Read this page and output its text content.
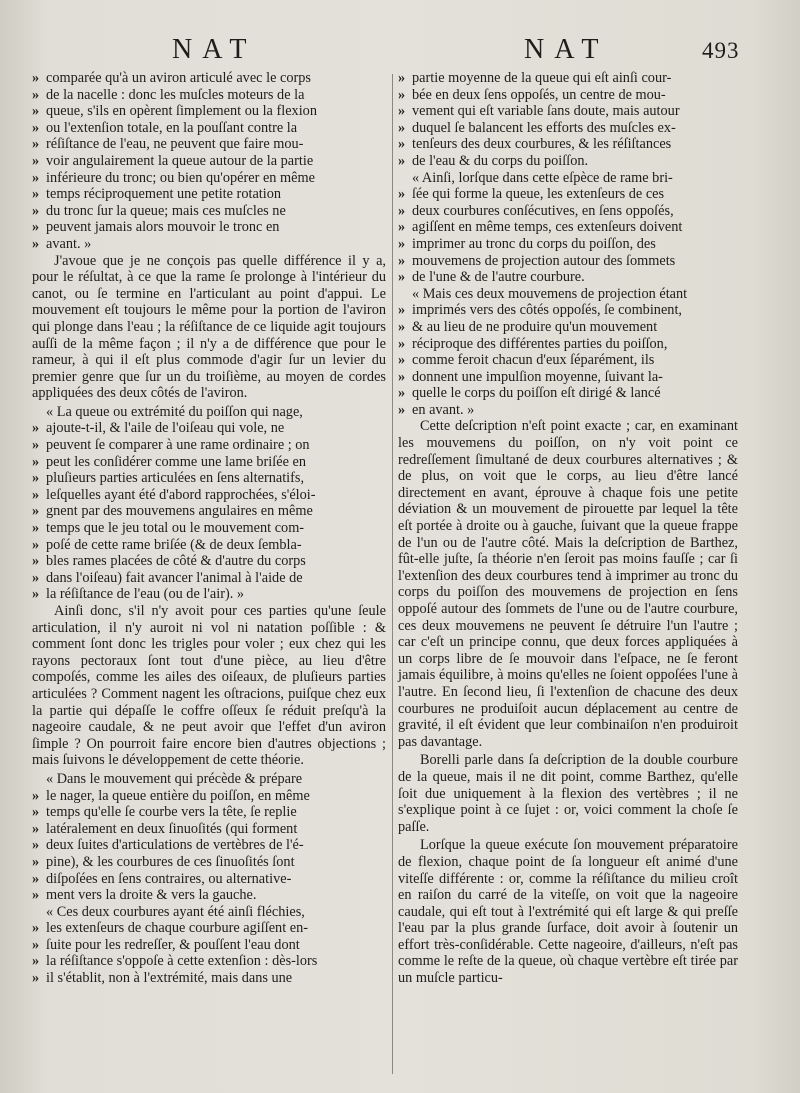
NAT	NAT	493
» comparée qu'à un aviron articulé avec le corps
» de la nacelle : donc les muſcles moteurs de la
» queue, s'ils en opèrent ſimplement ou la flexion
» ou l'extenſion totale, en la pouſſant contre la
» réſiſtance de l'eau, ne peuvent que faire mou-
» voir angulairement la queue autour de la partie
» inférieure du tronc; ou bien qu'opérer en même
» temps réciproquement une petite rotation
» du tronc ſur la queue; mais ces muſcles ne
» peuvent jamais alors mouvoir le tronc en
» avant. »

J'avoue que je ne conçois pas quelle différence il y a, pour le réſultat, à ce que la rame ſe prolonge à l'intérieur du canot, ou ſe termine en l'articulant au point d'appui. Le mouvement eſt toujours le même pour la portion de l'aviron qui plonge dans l'eau ; la réſiſtance de ce liquide agit toujours auſſi de la même façon ; il n'y a de différence que pour le rameur, à qui il eſt plus commode d'agir ſur un levier du premier genre que ſur un du troiſième, au moyen de cordes appliquées des deux côtés de l'aviron.

« La queue ou extrémité du poiſſon qui nage,
» ajoute-t-il, & l'aile de l'oiſeau qui vole, ne
» peuvent ſe comparer à une rame ordinaire ; on
» peut les conſidérer comme une lame briſée en
» pluſieurs parties articulées en ſens alternatifs,
» leſquelles ayant été d'abord rapprochées, s'éloi-
» gnent par des mouvemens angulaires en même
» temps que le jeu total ou le mouvement com-
» poſé de cette rame briſée (& de deux ſembla-
» bles rames placées de côté & d'autre du corps
» dans l'oiſeau) fait avancer l'animal à l'aide de
» la réſiſtance de l'eau (ou de l'air). »

Ainſi donc, s'il n'y avoit pour ces parties qu'une ſeule articulation, il n'y auroit ni vol ni natation poſſible : & comment ſont donc les trigles pour voler ; eux chez qui les rayons pectoraux ſont tout d'une pièce, au lieu d'être compoſés, comme les ailes des oiſeaux, de pluſieurs parties articulées ? Comment nagent les oſtracions, puiſque chez eux la partie qui dépaſſe le coffre oſſeux ſe réduit preſqu'à la nageoire caudale, & ne peut avoir que l'effet d'un aviron ſimple ? On pourroit faire encore bien d'autres objections ; mais ſuivons le développement de cette théorie.

« Dans le mouvement qui précède & prépare
» le nager, la queue entière du poiſſon, en même
» temps qu'elle ſe courbe vers la tête, ſe replie
» latéralement en deux ſinuoſités (qui forment
» deux ſuites d'articulations de vertèbres de l'é-
» pine), & les courbures de ces ſinuoſités ſont
» diſpoſées en ſens contraires, ou alternative-
» ment vers la droite & vers la gauche.
« Ces deux courbures ayant été ainſi fléchies,
» les extenſeurs de chaque courbure agiſſent en-
» ſuite pour les redreſſer, & pouſſent l'eau dont
» la réſiſtance s'oppoſe à cette extenſion : dès-lors
» il s'établit, non à l'extrémité, mais dans une
» partie moyenne de la queue qui eſt ainſi cour-
» bée en deux ſens oppoſés, un centre de mou-
» vement qui eſt variable ſans doute, mais autour
» duquel ſe balancent les efforts des muſcles ex-
» tenſeurs des deux courbures, & les réſiſtances
» de l'eau & du corps du poiſſon.
« Ainſi, lorſque dans cette eſpèce de rame bri-
» ſée qui forme la queue, les extenſeurs de ces
» deux courbures conſécutives, en ſens oppoſés,
» agiſſent en même temps, ces extenſeurs doivent
» imprimer au tronc du corps du poiſſon, des
» mouvemens de projection autour des ſommets
» de l'une & de l'autre courbure.
« Mais ces deux mouvemens de projection étant
» imprimés vers des côtés oppoſés, ſe combinent,
» & au lieu de ne produire qu'un mouvement
» réciproque des différentes parties du poiſſon,
» comme feroit chacun d'eux ſéparément, ils
» donnent une impulſion moyenne, ſuivant la-
» quelle le corps du poiſſon eſt dirigé & lancé
» en avant. »

Cette deſcription n'eſt point exacte ; car, en examinant les mouvemens du poiſſon, on n'y voit point ce redreſſement ſimultané de deux courbures alternatives ; & de plus, on voit que le corps, au lieu d'être lancé directement en avant, éprouve à chaque fois une petite déviation & un mouvement de pirouette par lequel la tête eſt portée à droite ou à gauche, ſuivant que la queue frappe de l'un ou de l'autre côté. Mais la deſcription de Barthez, fût-elle juſte, ſa théorie n'en ſeroit pas moins fauſſe ; car ſi l'extenſion des deux courbures tend à imprimer au tronc du corps du poiſſon des mouvemens de projection en ſens oppoſé autour des ſommets de l'une ou de l'autre courbure, ces deux mouvemens ne peuvent ſe détruire l'un l'autre ; car c'eſt un principe connu, que deux forces appliquées à un corps libre de ſe mouvoir dans l'eſpace, ne ſe feront jamais équilibre, à moins qu'elles ne ſoient oppoſées l'une à l'autre. En ſecond lieu, ſi l'extenſion de chacune des deux courbures ne produiſoit aucun déplacement au centre de gravité, il eſt évident que leur combinaiſon n'en produiroit pas davantage.

Borelli parle dans ſa deſcription de la double courbure de la queue, mais il ne dit point, comme Barthez, qu'elle ſoit due uniquement à la flexion des vertèbres ; il ne s'explique point à ce ſujet : or, voici comment la choſe ſe paſſe.

Lorſque la queue exécute ſon mouvement préparatoire de flexion, chaque point de ſa longueur eſt animé d'une viteſſe différente : or, comme la réſiſtance du milieu croît en raiſon du carré de la viteſſe, on voit que la nageoire caudale, qui eſt tout à l'extrémité qui eſt large & qui preſſe l'eau par la plus grande ſurface, doit avoir à ſoutenir un effort très-conſidérable. Cette nageoire, d'ailleurs, n'eſt pas comme le reſte de la queue, où chaque vertèbre eſt tirée par un muſcle particu-
